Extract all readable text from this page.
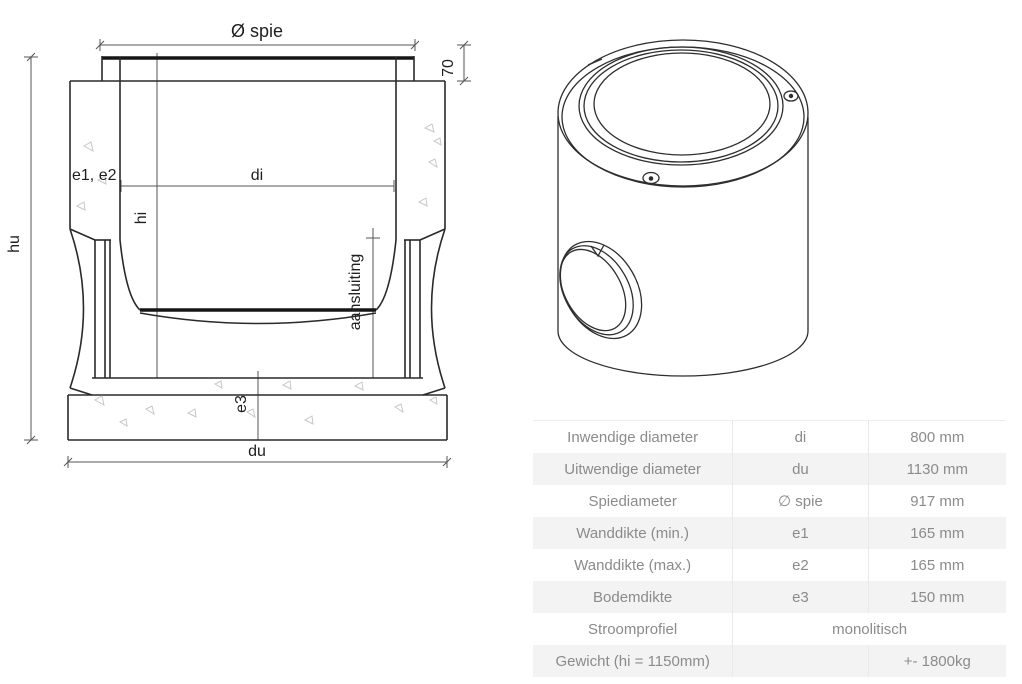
Ø spie
70
e1, e2	di
hi
hu
aansluiting
e3
du
Inwendige diameter	di	800 mm
Uitwendige diameter	du	1130 mm
Spiediameter	∅ spie	917 mm
Wanddikte (min.)	e1	165 mm
Wanddikte (max.)	e2	165 mm
Bodemdikte	e3	150 mm
Stroomprofiel	monolitisch	
Gewicht (hi = 1150mm)		+- 1800kg
